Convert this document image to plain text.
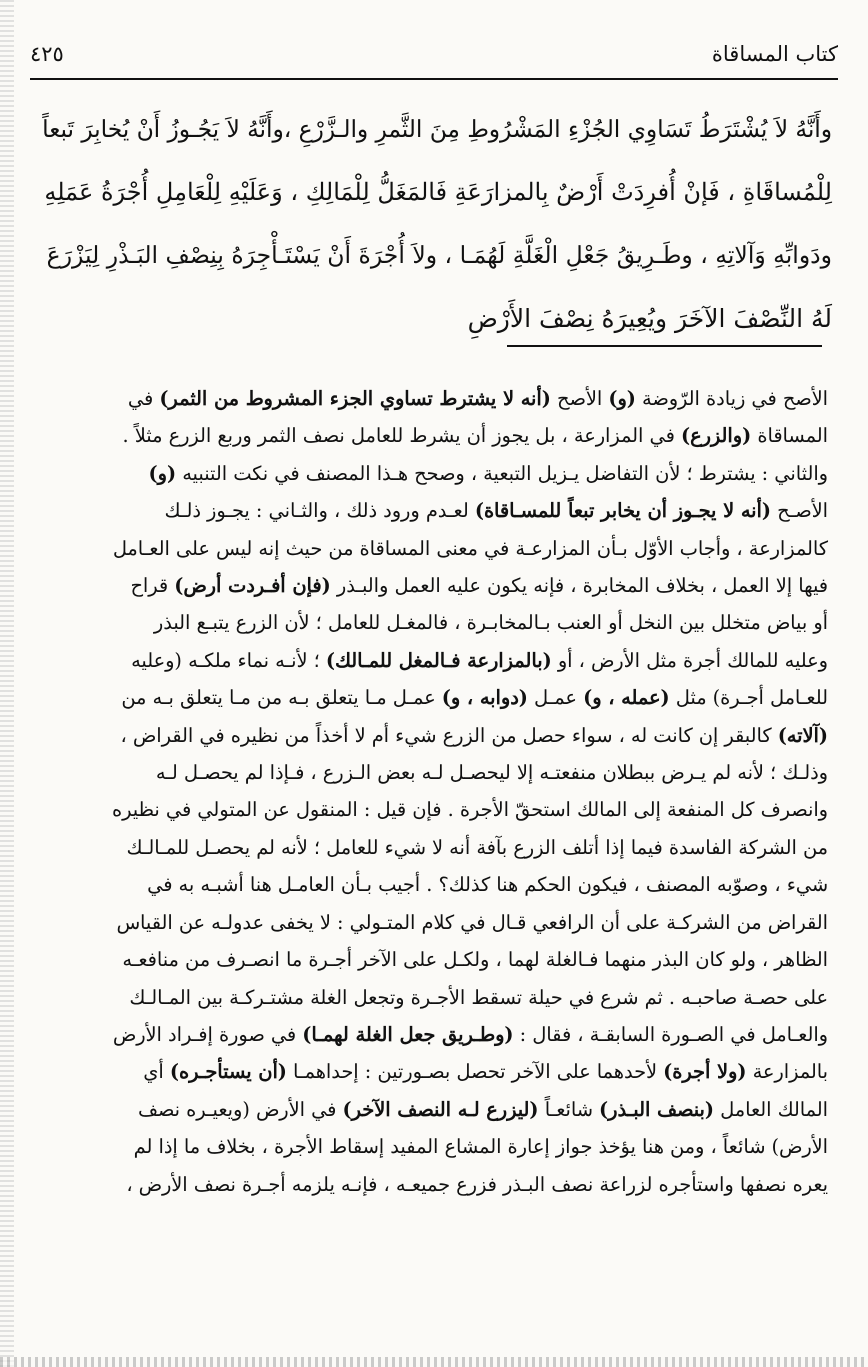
كتاب المساقاة
٤٢٥

وأَنَّهُ لاَ يُشْتَرَطُ تَسَاوِي الجُزْءِ المَشْرُوطِ مِنَ الثَّمرِ والـزَّرْعِ ،وأَنَّهُ لاَ يَجُـوزُ أَنْ يُخابِرَ تَبعاً
لِلْمُساقَاةِ ، فَإنْ أُفرِدَتْ أَرْضٌ بِالمزارَعَةِ فَالمَغَلُّ لِلْمَالِكِ ، وَعَلَيْهِ لِلْعَامِلِ أُجْرَةُ عَمَلِهِ
ودَوابِّهِ وَآلاتِهِ ، وطَـرِيقُ جَعْلِ الْغَلَّةِ لَهُمَـا ، ولاَ أُجْرَةَ أَنْ يَسْتَـأْجِرَهُ بِنِصْفِ البَـذْرِ لِيَزْرَعَ
لَهُ النِّصْفَ الآخَرَ ويُعِيرَهُ نِصْفَ الأَرْضِ

الأصح في زيادة الرّوضة (و) الأصح (أنه لا يشترط تساوي الجزء المشروط من الثمر) في
المساقاة (والزرع) في المزارعة ، بل يجوز أن يشرط للعامل نصف الثمر وربع الزرع مثلاً .
والثاني : يشترط ؛ لأن التفاضل يـزيل التبعية ، وصحح هـذا المصنف في نكت التنبيه (و)
الأصـح (أنه لا يجـوز أن يخابر تبعاً للمسـاقاة) لعـدم ورود ذلك ، والثـاني : يجـوز ذلـك
كالمزارعة ، وأجاب الأوّل بـأن المزارعـة في معنى المساقاة من حيث إنه ليس على العـامل
فيها إلا العمل ، بخلاف المخابرة ، فإنه يكون عليه العمل والبـذر (فإن أفـردت أرض) قراح
أو بياض متخلل بين النخل أو العنب بـالمخابـرة ، فالمغـل للعامل ؛ لأن الزرع يتبـع البذر
وعليه للمالك أجرة مثل الأرض ، أو (بالمزارعة فـالمغل للمـالك) ؛ لأنـه نماء ملكـه (وعليه
للعـامل أجـرة) مثل (عمله ، و) عمـل (دوابه ، و) عمـل مـا يتعلق بـه من مـا يتعلق بـه من
(آلاته) كالبقر إن كانت له ، سواء حصل من الزرع شيء أم لا أخذاً من نظيره في القراض ،
وذلـك ؛ لأنه لم يـرض ببطلان منفعتـه إلا ليحصـل لـه بعض الـزرع ، فـإذا لم يحصـل لـه
وانصرف كل المنفعة إلى المالك استحقّ الأجرة . فإن قيل : المنقول عن المتولي في نظيره
من الشركة الفاسدة فيما إذا أتلف الزرع بآفة أنه لا شيء للعامل ؛ لأنه لم يحصـل للمـالـك
شيء ، وصوّبه المصنف ، فيكون الحكم هنا كذلك؟ . أجيب بـأن العامـل هنا أشبـه به في
القراض من الشركـة على أن الرافعي قـال في كلام المتـولي : لا يخفى عدولـه عن القياس
الظاهر ، ولو كان البذر منهما فـالغلة لهما ، ولكـل على الآخر أجـرة ما انصـرف من منافعـه
على حصـة صاحبـه . ثم شرع في حيلة تسقط الأجـرة وتجعل الغلة مشتـركـة بين المـالـك
والعـامل في الصـورة السابقـة ، فقال : (وطـريق جعل الغلة لهمـا) في صورة إفـراد الأرض
بالمزارعة (ولا أجرة) لأحدهما على الآخر تحصل بصـورتين : إحداهمـا (أن يستأجـره) أي
المالك العامل (بنصف البـذر) شائعـاً (ليزرع لـه النصف الآخر) في الأرض (ويعيـره نصف
الأرض) شائعاً ، ومن هنا يؤخذ جواز إعارة المشاع المفيد إسقاط الأجرة ، بخلاف ما إذا لم
يعره نصفها واستأجره لزراعة نصف البـذر فزرع جميعـه ، فإنـه يلزمه أجـرة نصف الأرض ،
